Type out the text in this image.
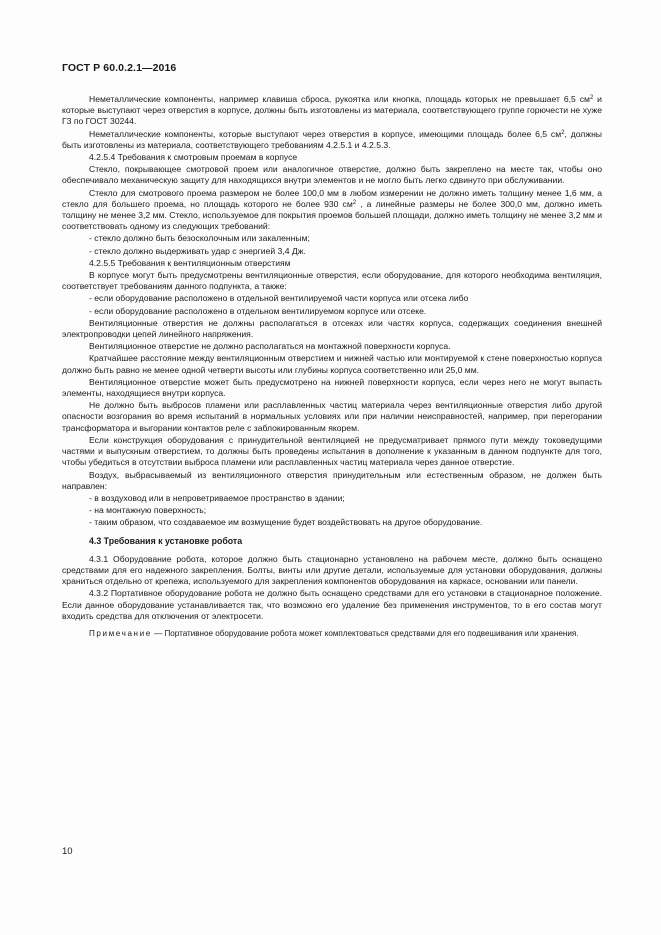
ГОСТ Р 60.0.2.1—2016

Неметаллические компоненты, например клавиша сброса, рукоятка или кнопка, площадь которых не превышает 6,5 $см^2$ и которые выступают через отверстия в корпусе, должны быть изготовлены из материала, соответствующего группе горючести не хуже Г3 по ГОСТ 30244.

Неметаллические компоненты, которые выступают через отверстия в корпусе, имеющими площадь более 6,5 $см^2$, должны быть изготовлены из материала, соответствующего требованиям 4.2.5.1 и 4.2.5.3.

4.2.5.4 Требования к смотровым проемам в корпусе

Стекло, покрывающее смотровой проем или аналогичное отверстие, должно быть закреплено на месте так, чтобы оно обеспечивало механическую защиту для находящихся внутри элементов и не могло быть легко сдвинуто при обслуживании.

Стекло для смотрового проема размером не более 100,0 мм в любом измерении не должно иметь толщину менее 1,6 мм, а стекло для большего проема, но площадь которого не более 930 $см^2$ , а линейные размеры не более 300,0 мм, должно иметь толщину не менее 3,2 мм. Стекло, используемое для покрытия проемов большей площади, должно иметь толщину не менее 3,2 мм и соответствовать одному из следующих требований:

- стекло должно быть безосколочным или закаленным;

- стекло должно выдерживать удар с энергией 3,4 Дж.

4.2.5.5 Требования к вентиляционным отверстиям

В корпусе могут быть предусмотрены вентиляционные отверстия, если оборудование, для которого необходима вентиляция, соответствует требованиям данного подпункта, а также:

- если оборудование расположено в отдельной вентилируемой части корпуса или отсека либо

- если оборудование расположено в отдельном вентилируемом корпусе или отсеке.

Вентиляционные отверстия не должны располагаться в отсеках или частях корпуса, содержащих соединения внешней электропроводки цепей линейного напряжения.

Вентиляционное отверстие не должно располагаться на монтажной поверхности корпуса.

Кратчайшее расстояние между вентиляционным отверстием и нижней частью или монтируемой к стене поверхностью корпуса должно быть равно не менее одной четверти высоты или глубины корпуса соответственно или 25,0 мм.

Вентиляционное отверстие может быть предусмотрено на нижней поверхности корпуса, если через него не могут выпасть элементы, находящиеся внутри корпуса.

Не должно быть выбросов пламени или расплавленных частиц материала через вентиляционные отверстия либо другой опасности возгорания во время испытаний в нормальных условиях или при наличии неисправностей, например, при перегорании трансформатора и выгорании контактов реле с заблокированным якорем.

Если конструкция оборудования с принудительной вентиляцией не предусматривает прямого пути между токоведущими частями и выпускным отверстием, то должны быть проведены испытания в дополнение к указанным в данном подпункте для того, чтобы убедиться в отсутствии выброса пламени или расплавленных частиц материала через данное отверстие.

Воздух, выбрасываемый из вентиляционного отверстия принудительным или естественным образом, не должен быть направлен:

- в воздуховод или в непроветриваемое пространство в здании;

- на монтажную поверхность;

- таким образом, что создаваемое им возмущение будет воздействовать на другое оборудование.

4.3 Требования к установке робота

4.3.1 Оборудование робота, которое должно быть стационарно установлено на рабочем месте, должно быть оснащено средствами для его надежного закрепления. Болты, винты или другие детали, используемые для установки оборудования, должны храниться отдельно от крепежа, используемого для закрепления компонентов оборудования на каркасе, основании или панели.

4.3.2 Портативное оборудование робота не должно быть оснащено средствами для его установки в стационарное положение. Если данное оборудование устанавливается так, что возможно его удаление без применения инструментов, то в его состав могут входить средства для отключения от электросети.

Примечание — Портативное оборудование робота может комплектоваться средствами для его подвешивания или хранения.

10
